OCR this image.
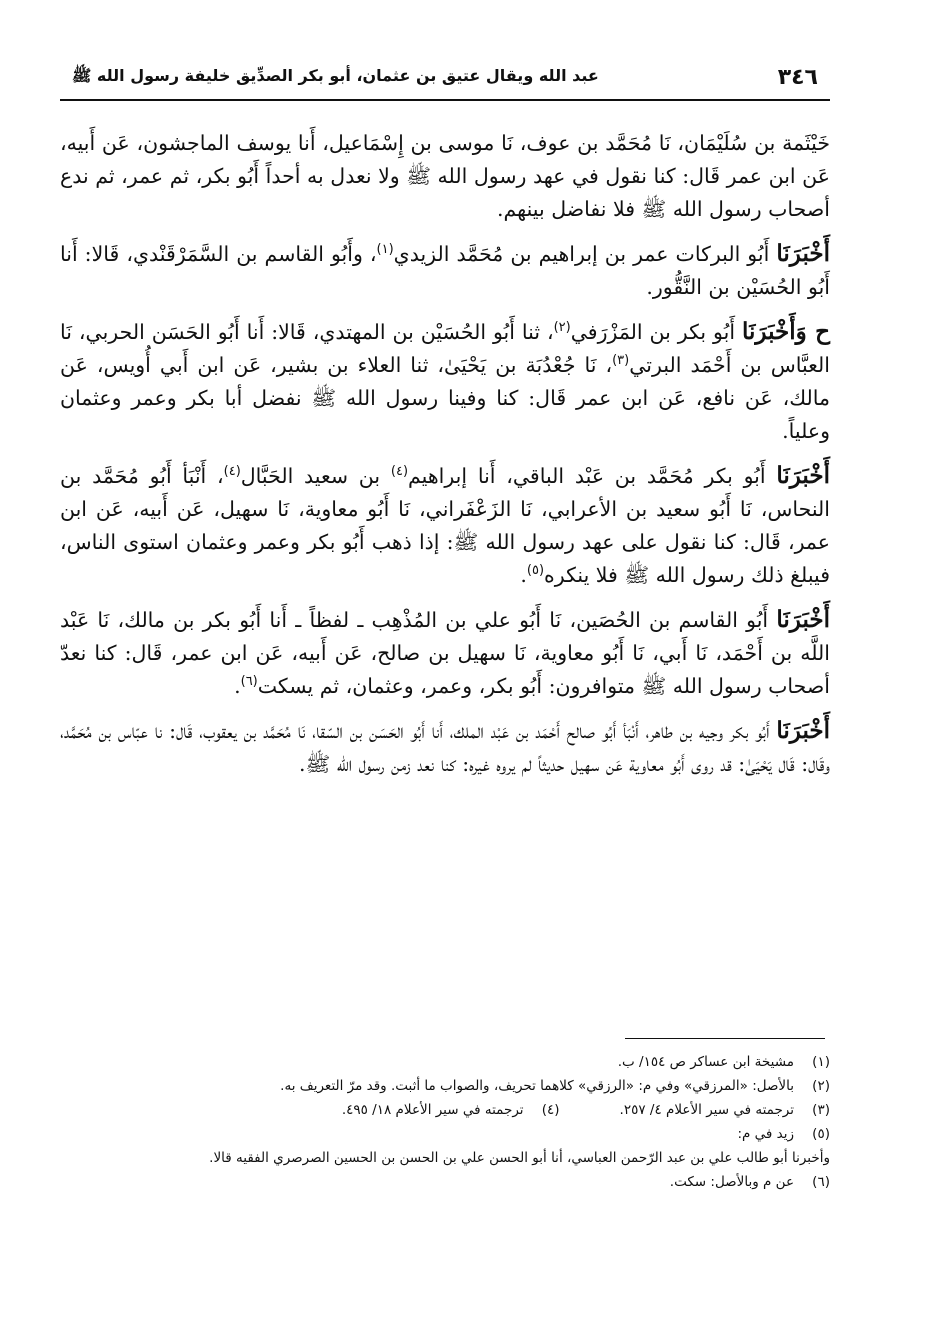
٣٤٦
عبد الله ويقال عتيق بن عثمان، أبو بكر الصدِّيق خليفة رسول الله ﷺ

خَيْثَمة بن سُلَيْمَان، نَا مُحَمَّد بن عوف، نَا موسى بن إِسْمَاعيل، أَنا يوسف الماجشون، عَن أَبيه، عَن ابن عمر قَال: كنا نقول في عهد رسول الله ﷺ ولا نعدل به أحداً أَبُو بكر، ثم عمر، ثم ندع أصحاب رسول الله ﷺ فلا نفاضل بينهم.

أَخْبَرَنَا أَبُو البركات عمر بن إبراهيم بن مُحَمَّد الزيدي$^{(١)}$، وأَبُو القاسم بن السَّمَرْقَنْدي، قَالا: أَنا أَبُو الحُسَيْن بن النَّقُّور.

ح وَأَخْبَرَنَا أَبُو بكر بن المَزْرَفي$^{(٢)}$، ثنا أَبُو الحُسَيْن بن المهتدي، قَالا: أَنا أَبُو الحَسَن الحربي، نَا العبَّاس بن أَحْمَد البرتي$^{(٣)}$، نَا جُعْدُبَة بن يَحْيَىٰ، ثنا العلاء بن بشير، عَن ابن أَبي أُويس، عَن مالك، عَن نافع، عَن ابن عمر قَال: كنا وفينا رسول الله ﷺ نفضل أبا بكر وعمر وعثمان وعلياً.

أَخْبَرَنَا أَبُو بكر مُحَمَّد بن عَبْد الباقي، أَنا إبراهيم$^{(٤)}$ بن سعيد الحَبَّال$^{(٤)}$، أَنْبَأ أَبُو مُحَمَّد بن النحاس، نَا أَبُو سعيد بن الأعرابي، نَا الزَعْفَراني، نَا أَبُو معاوية، نَا سهيل، عَن أَبيه، عَن ابن عمر، قَال: كنا نقول على عهد رسول الله ﷺ: إذا ذهب أَبُو بكر وعمر وعثمان استوى الناس، فيبلغ ذلك رسول الله ﷺ فلا ينكره$^{(٥)}$.

أَخْبَرَنَا أَبُو القاسم بن الحُصَين، نَا أَبُو علي بن المُذْهِب ـ لفظاً ـ أَنا أَبُو بكر بن مالك، نَا عَبْد اللَّه بن أَحْمَد، نَا أَبي، نَا أَبُو معاوية، نَا سهيل بن صالح، عَن أَبيه، عَن ابن عمر، قَال: كنا نعدّ أصحاب رسول الله ﷺ متوافرون: أَبُو بكر، وعمر، وعثمان، ثم يسكت$^{(٦)}$.

أَخْبَرَنَا أَبُو بكر وجيه بن طاهر، أَنْبَأ أَبُو صالح أَحْمَد بن عَبْد الملك، أَنا أَبُو الحَسَن بن السّقا، نَا مُحَمَّد بن يعقوب، قَال: نا عبّاس بن مُحَمَّد، وقَال: قَال يَحْيَىٰ: قد روى أَبُو معاوية عَن سهيل حديثاً لم يروه غيره: كنا نعد زمن رسول الله ﷺ.

(١)
مشيخة ابن عساكر ص ١٥٤/ ب.
(٢)
بالأصل: «المرزقي» وفي م: «الرزقي» كلاهما تحريف، والصواب ما أثبت. وقد مرّ التعريف به.
(٣)
ترجمته في سير الأعلام ٤/ ٢٥٧.
(٤)
ترجمته في سير الأعلام ١٨/ ٤٩٥.
(٥)
زيد في م:
وأخبرنا أبو طالب علي بن عبد الرّحمن العباسي، أنا أبو الحسن علي بن الحسن بن الحسين الصرصري الفقيه قالا.
(٦)
عن م وبالأصل: سكت.
